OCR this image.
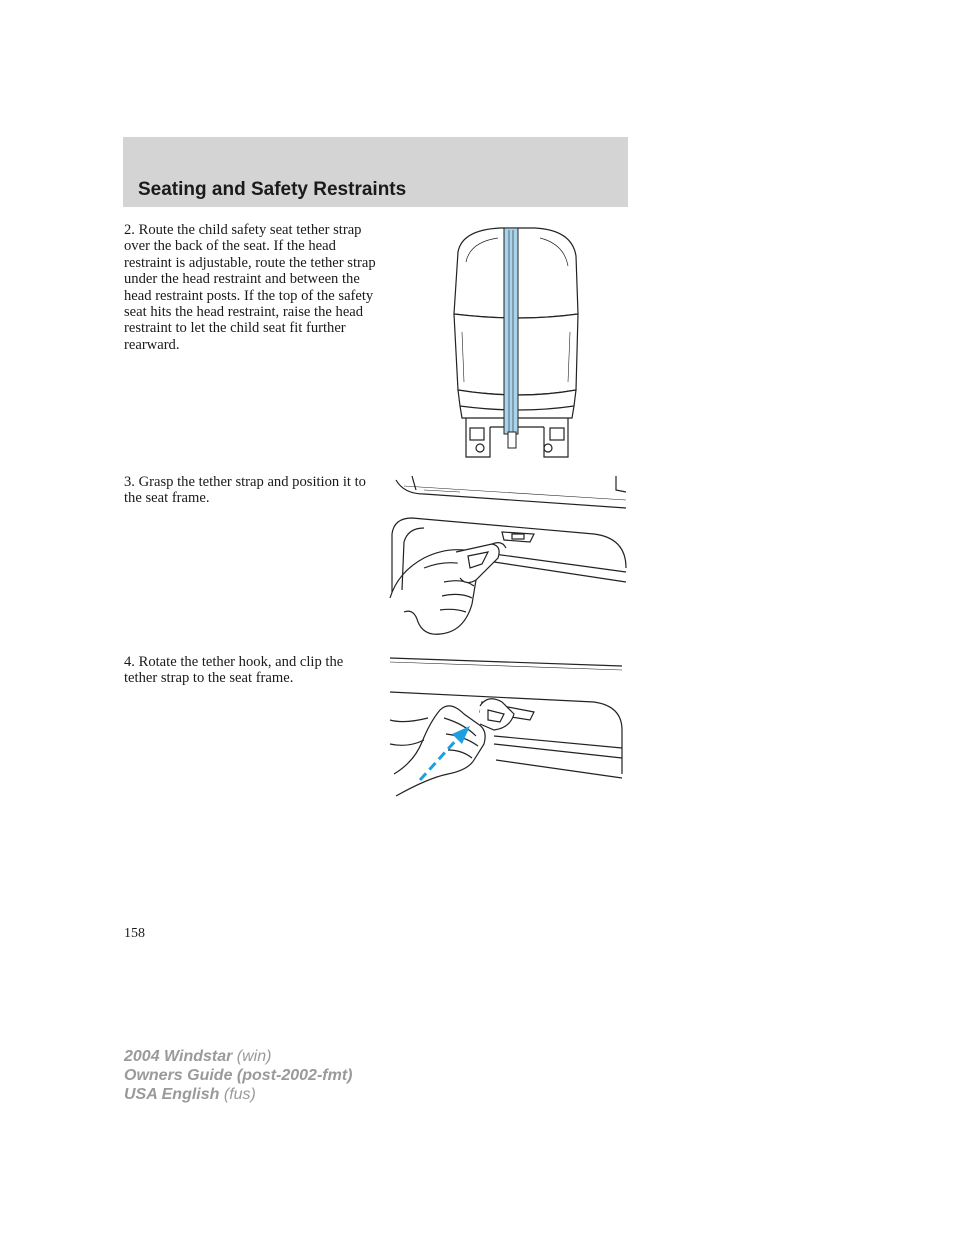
Seating and Safety Restraints

2. Route the child safety seat tether strap over the back of the seat. If the head restraint is adjustable, route the tether strap under the head restraint and between the head restraint posts. If the top of the safety seat hits the head restraint, raise the head restraint to let the child seat fit further rearward.

3. Grasp the tether strap and position it to the seat frame.

4. Rotate the tether hook, and clip the tether strap to the seat frame.

158

2004 Windstar (win)
Owners Guide (post-2002-fmt)
USA English (fus)
